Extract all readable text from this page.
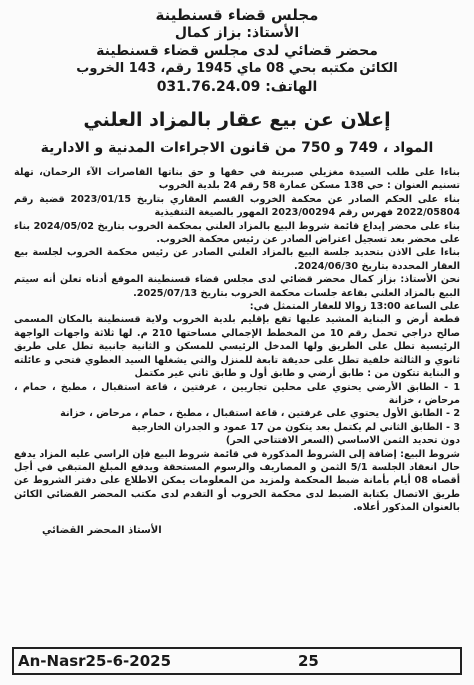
مجلس قضاء قسنطينة
الأستاذ: بزاز كمال
محضر قضائي لدى مجلس قضاء قسنطينة
الكائن مكتبه بحي 08 ماي 1945 رقم، 143 الخروب
الهاتف: 031.76.24.09
إعلان عن بيع عقار بالمزاد العلني
المواد ، 749 و 750 من قانون الاجراءات المدنية و الادارية

بناءا على طلب السيدة مغزيلي صبرينة في حقها و حق بناتها القاصرات الآء الرحمان، تهلة تسنيم العنوان : حي 138 مسكن عمارة 58 رقم 24 بلدية الخروب

بناء على الحكم الصادر عن محكمة الخروب القسم العقاري بتاريخ 2023/01/15 قضية رقم 2022/05804 فهرس رقم 2023/00294 المهور بالصيغة التنفيذية

بناء على محضر إيداع قائمة شروط البيع بالمزاد العلني بمحكمة الخروب بتاريخ 2024/05/02 بناء على محضر بعد تسجيل اعتراض الصادر عن رئيس محكمة الخروب.

بناءا على الاذن بتحديد جلسة البيع بالمزاد العلني الصادر عن رئيس محكمة الخروب لجلسة بيع العقار المحددة بتاريخ 2024/06/30.

نحن الأستاذ: بزاز كمال محضر قضائي لدى مجلس قضاء قسنطينة الموقع أدناه تعلن أنه سيتم البيع بالمزاد العلني بقاعة جلسات محكمة الخروب بتاريخ 2025/07/13.

على الساعة 13:00 زوالا للعقار المتمثل في:

قطعة أرض و البناية المشيد عليها تقع بإقليم بلدية الخروب ولاية قسنطينة بالمكان المسمى صالح دراجي تحمل رقم 10 من المخطط الإجمالي مساحتها 210 م. لها ثلاثة واجهات الواجهة الرئيسية تطل على الطريق ولها المدخل الرئيسي للمسكن و الثانية جانبية تطل على طريق ثانوي و الثالثة خلفية تطل على حديقة تابعة للمنزل والتي يشغلها السيد العطوي فتحي و عائلته و البناية تتكون من : طابق أرضي و طابق أول و طابق ثاني غير مكتمل

1 - الطابق الأرضي يحتوي على محلين تجاريين ، غرفتين ، قاعة استقبال ، مطبخ ، حمام ، مرحاض ، خزانة

2 - الطابق الأول يحتوي على غرفتين ، قاعة استقبال ، مطبخ ، حمام ، مرحاض ، خزانة

3 - الطابق الثاني لم يكتمل بعد يتكون من 17 عمود و الجدران الخارجية

دون تحديد الثمن الاساسي (السعر الافتتاحي الحر)

شروط البيع: إضافة إلى الشروط المذكورة في قائمة شروط البيع فإن الراسي عليه المزاد يدفع حال انعقاد الجلسة 5/1 الثمن و المصاريف والرسوم المستحقة ويدفع المبلغ المتبقي في أجل أقصاه 08 أيام بأمانة ضبط المحكمة ولمزيد من المعلومات يمكن الاطلاع على دفتر الشروط عن طريق الاتصال بكتابة الضبط لدى محكمة الخروب أو التقدم لدى مكتب المحضر القضائي الكائن بالعنوان المذكور أعلاه.

الأستاذ المحضر القضائي
An-Nasr25-6-2025	25
